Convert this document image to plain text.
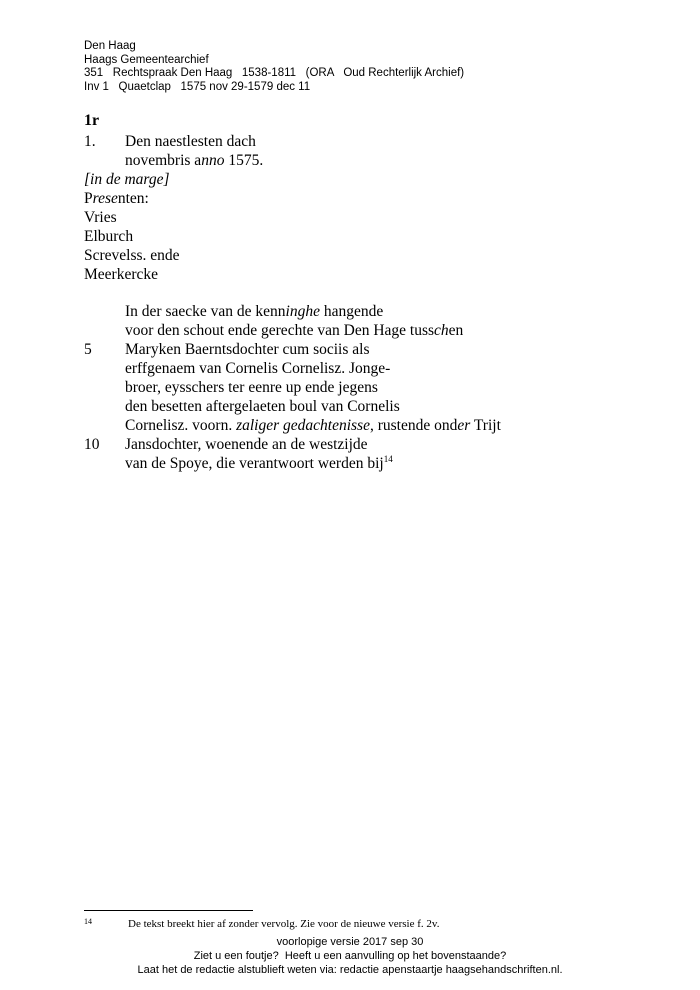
Den Haag
Haags Gemeentearchief
351   Rechtspraak Den Haag   1538-1811   (ORA   Oud Rechterlijk Archief)
Inv 1   Quaetclap   1575 nov 29-1579 dec 11
1r
1. Den naestlesten dach
novembris anno 1575.
[in de marge]
Presenten:
Vries
Elburch
Screvelss. ende
Meerkercke
In der saecke van de kenninghe hangende
voor den schout ende gerechte van Den Hage tusschen
5 Maryken Baerntsdochter cum sociis als
erffgenaem van Cornelis Cornelisz. Jonge-
broer, eysschers ter eenre up ende jegens
den besetten aftergelaeten boul van Cornelis
Cornelisz. voorn. zaliger gedachtenisse, rustende onder Trijt
10 Jansdochter, woenende an de westzijde
van de Spoye, die verantwoort werden bij$^{14}$
14	De tekst breekt hier af zonder vervolg. Zie voor de nieuwe versie f. 2v.
voorlopige versie 2017 sep 30
Ziet u een foutje?  Heeft u een aanvulling op het bovenstaande?
Laat het de redactie alstublieft weten via: redactie apenstaartje haagsehandschriften.nl.
